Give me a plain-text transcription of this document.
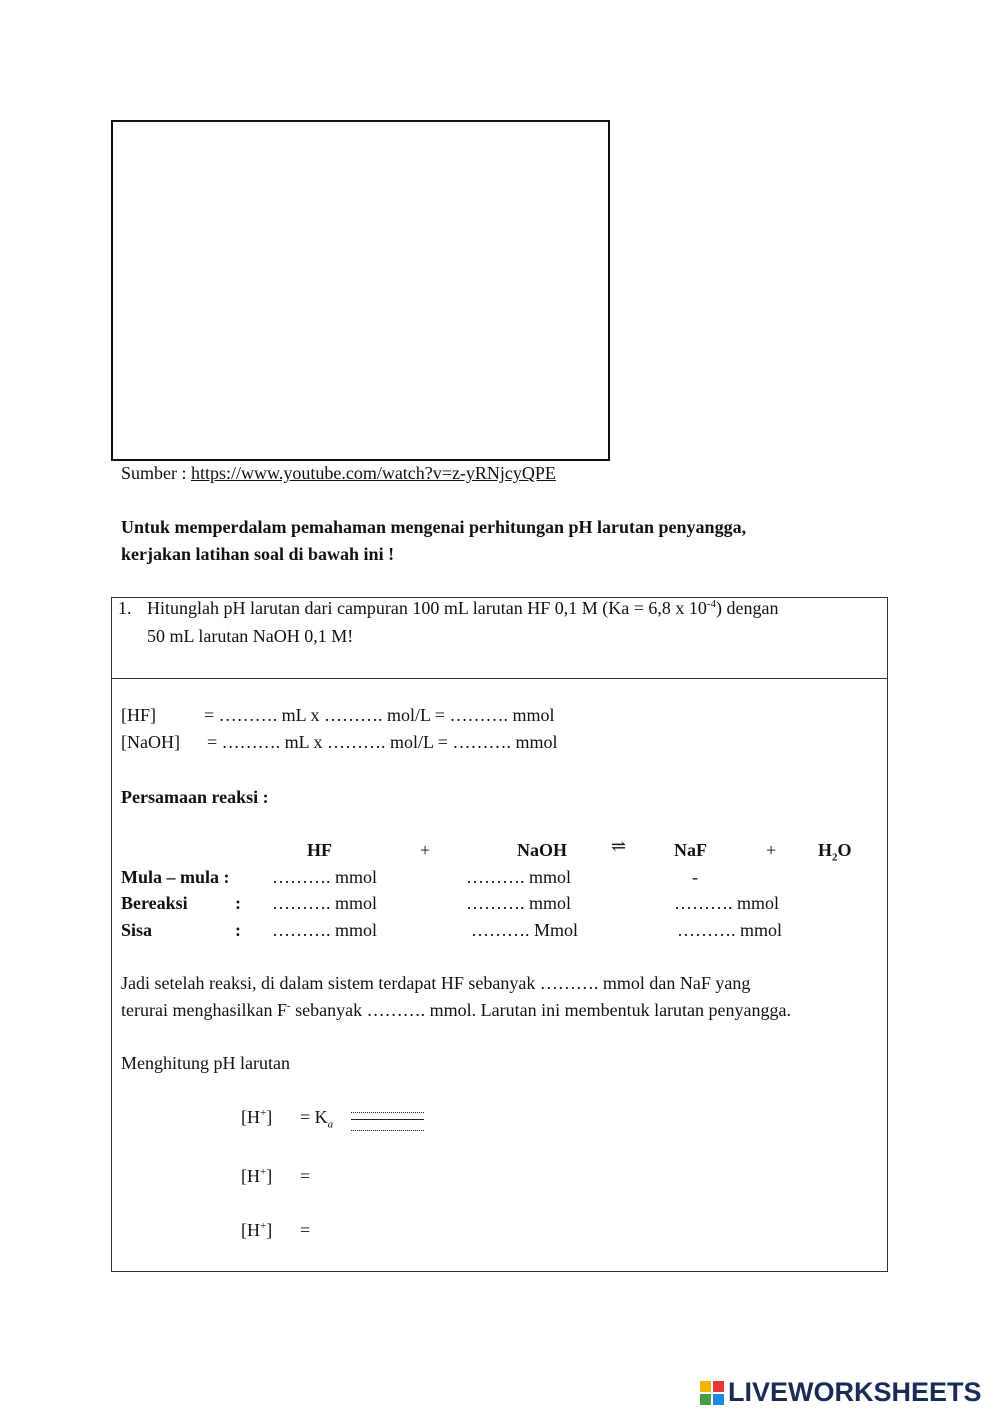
Sumber : https://www.youtube.com/watch?v=z-yRNjcyQPE
Untuk memperdalam pemahaman mengenai perhitungan pH larutan penyangga,
kerjakan latihan soal di bawah ini !
1. Hitunglah pH larutan dari campuran 100 mL larutan HF 0,1 M (Ka = 6,8 x $10^{-4}$) dengan
50 mL larutan NaOH 0,1 M!
[HF]	= ………. mL x ………. mol/L = ………. mmol
[NaOH] = ………. mL x ………. mol/L = ………. mmol
Persamaan reaksi :
HF	+	NaOH ⇌	NaF	+ $H_2O$
Mula – mula : ………. mmol	………. mmol	-
Bereaksi	: ………. mmol	………. mmol	………. mmol
Sisa	: ………. mmol	………. Mmol	………. mmol
Jadi setelah reaksi, di dalam sistem terdapat HF sebanyak ………. mmol dan NaF yang
terurai menghasilkan F- sebanyak ………. mmol. Larutan ini membentuk larutan penyangga.
Menghitung pH larutan
$[H^+] = K_a$
[H+] =
[H+] =
LIVEWORKSHEETS
